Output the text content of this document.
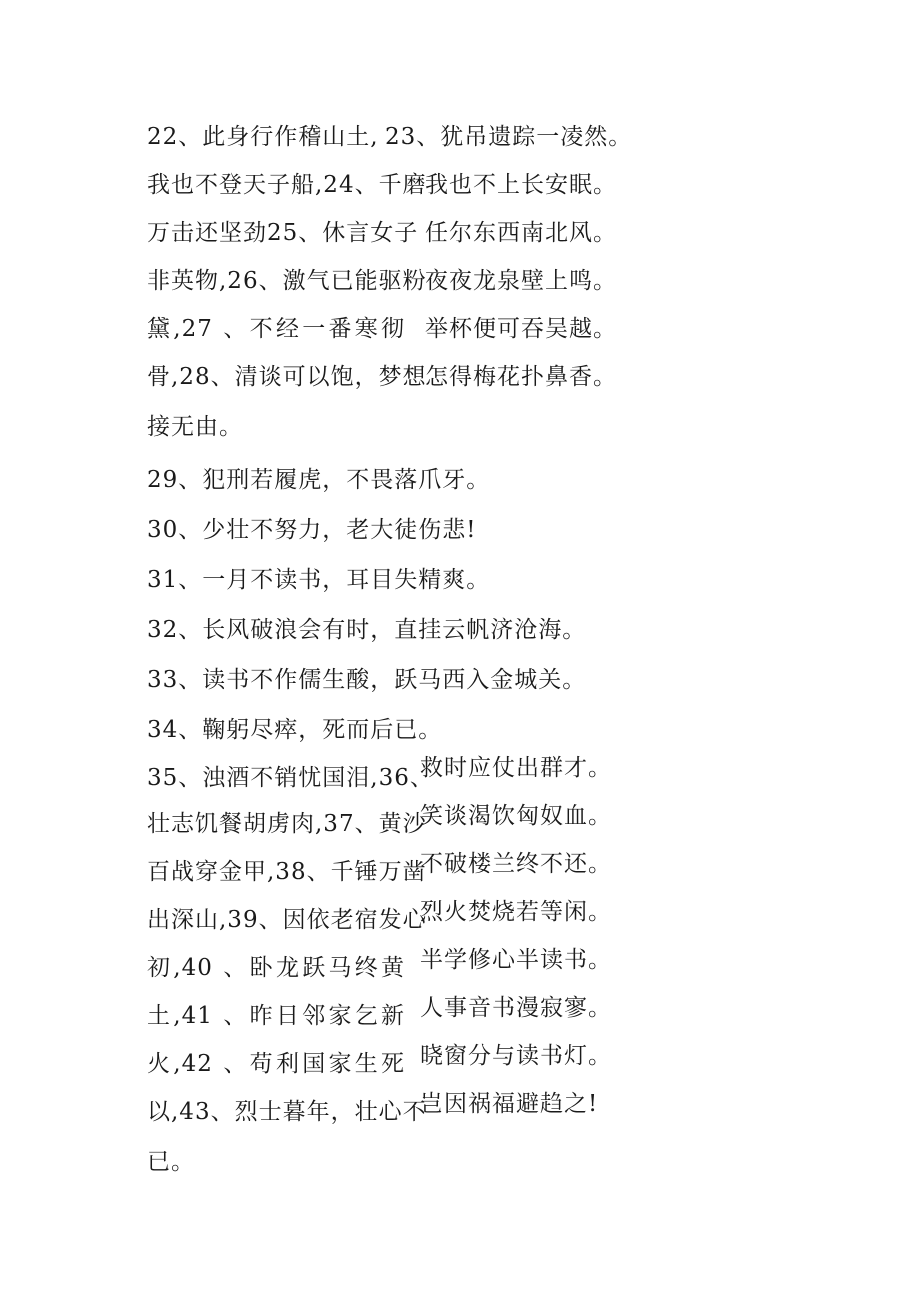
22、此身行作稽山土,
我也不登天子船,24、千磨
万击还坚劲25、休言女子
非英物,26、激气已能驱粉
黛,27 、不经一番寒彻
骨,28、清谈可以饱，梦想
接无由。
23、犹吊遗踪一凌然。
我也不上长安眠。
任尔东西南北风。
夜夜龙泉壁上鸣。
举杯便可吞吴越。
怎得梅花扑鼻香。
29、犯刑若履虎，不畏落爪牙。
30、少壮不努力，老大徒伤悲!
31、一月不读书，耳目失精爽。
32、长风破浪会有时，直挂云帆济沧海。
33、读书不作儒生酸，跃马西入金城关。
34、鞠躬尽瘁，死而后已。
35、浊酒不销忧国泪,36、
壮志饥餐胡虏肉,37、黄沙
百战穿金甲,38、千锤万凿
出深山,39、因依老宿发心
初,40 、卧龙跃马终黄
土,41 、昨日邻家乞新
火,42 、苟利国家生死
以,43、烈士暮年，壮心不
已。
救时应仗出群才。
笑谈渴饮匈奴血。
不破楼兰终不还。
烈火焚烧若等闲。
半学修心半读书。
人事音书漫寂寥。
晓窗分与读书灯。
岂因祸福避趋之!
